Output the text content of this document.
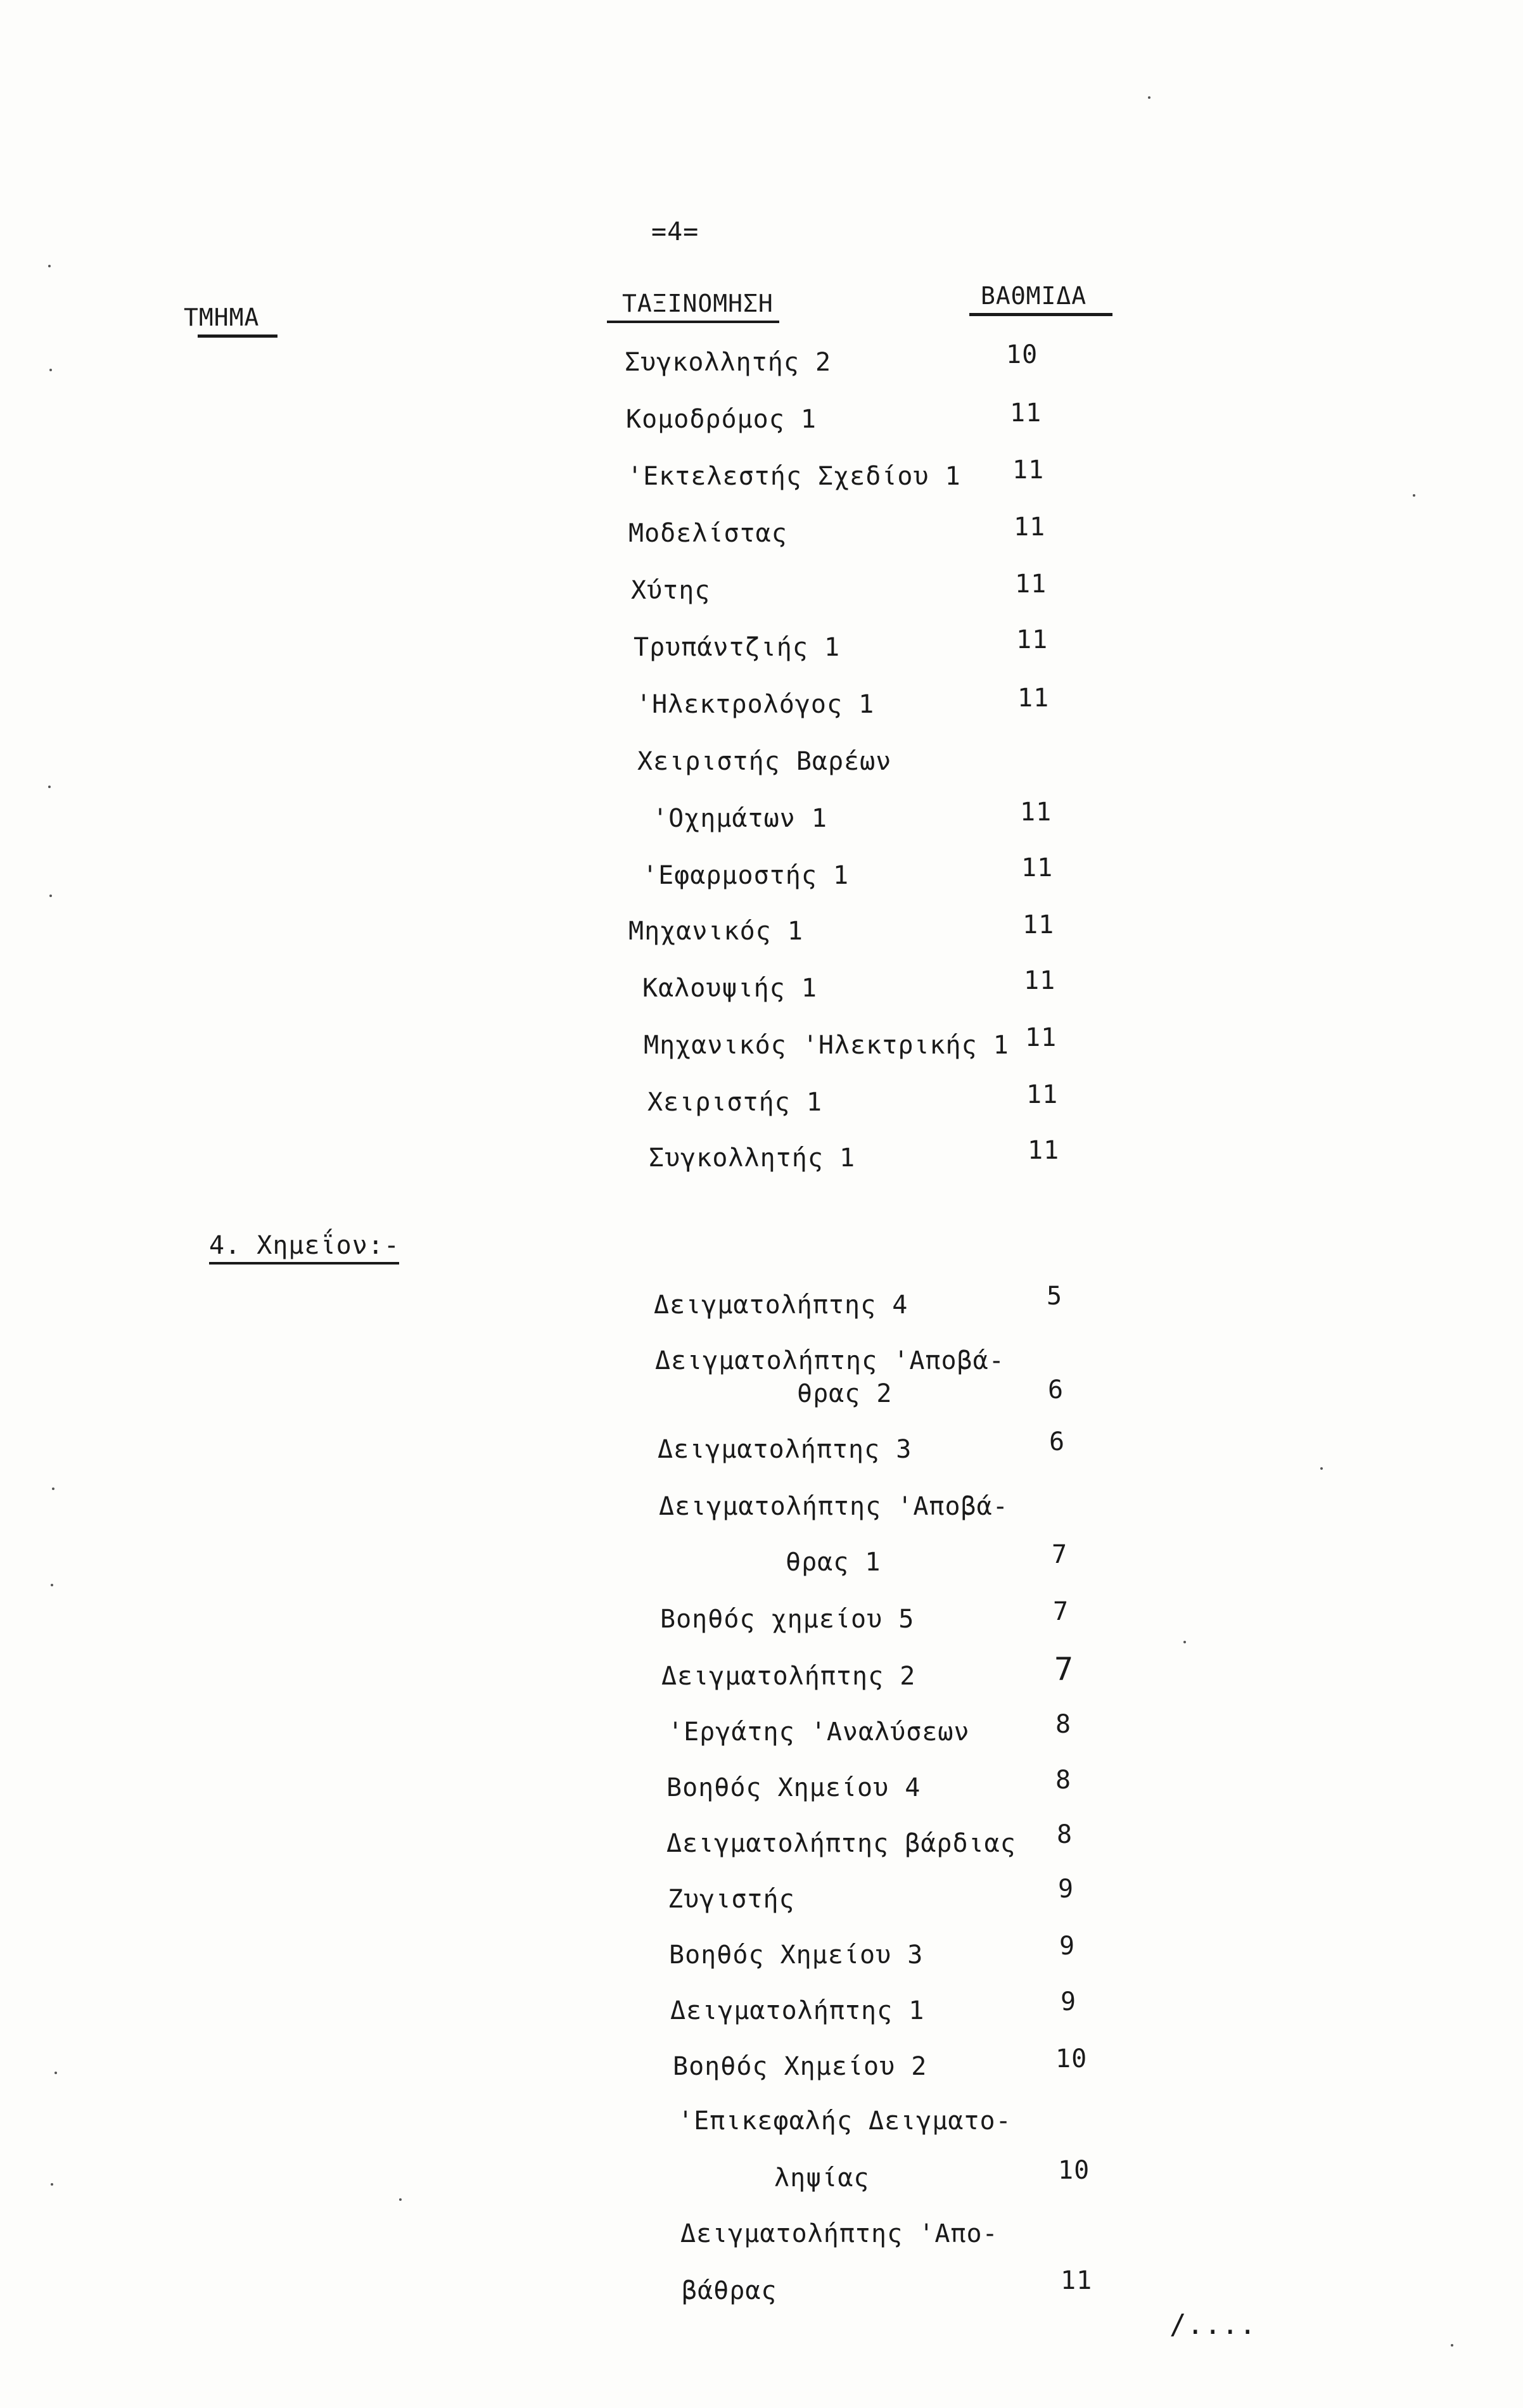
=4=
ΤΜΗΜΑ	ΤΑΞΙΝΟΜΗΣΗ	ΒΑΘΜΙΔΑ
Συγκολλητής 2	10
Κομοδρόμος 1	11
'Εκτελεστής Σχεδίου 1 11
Μοδελίστας	11
Χύτης	11
Τρυπάντζιής 1	11
'Ηλεκτρολόγος 1	11
Χειριστής Βαρέων
'Οχημάτων 1	11
'Εφαρμοστής 1	11
Μηχανικός 1	11
Καλουψιής 1	11
Μηχανικός 'Ηλεκτρικής 1 11
Χειριστής 1	11
Συγκολλητής 1	11
4. Χημεΐον:-
Δειγματολήπτης 4	5
Δειγματολήπτης 'Αποβά-
θρας 2	6
Δειγματολήπτης 3	6
Δειγματολήπτης 'Αποβά-
θρας 1	7
Βοηθός χημείου 5	7
Δειγματολήπτης 2	7
'Εργάτης 'Αναλύσεων	8
Βοηθός Χημείου 4	8
Δειγματολήπτης βάρδιας 8
Ζυγιστής	9
Βοηθός Χημείου 3	9
Δειγματολήπτης 1	9
Βοηθός Χημείου 2	10
'Επικεφαλής Δειγματο-
ληψίας	10
Δειγματολήπτης 'Απο-
βάθρας	11
/....
